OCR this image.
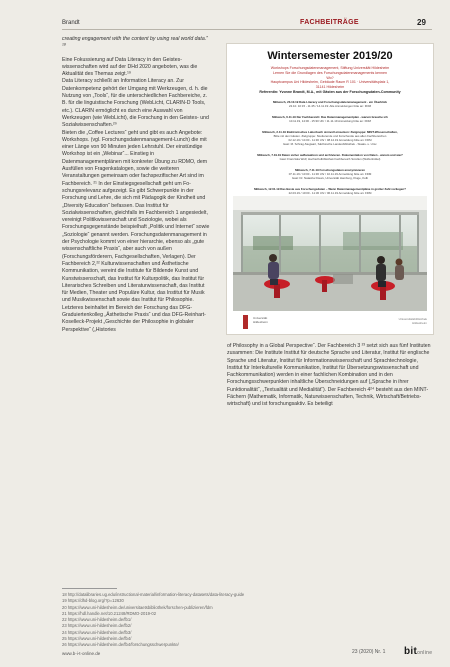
Brandt	FACHBEITRÄGE	29

creating engagement with the content by using real world data.” ¹⁸

Eine Fokussierung auf Data Literacy in den Geisteswissenschaften wird auf der DHd 2020 angeboten, was die Aktualität des Themas zeigt.¹⁹

Data Literacy schließt an Information Literacy an. Zur Datenkompetenz gehört der Umgang mit Werkzeugen, d. h. die Nutzung von „Tools“, für die unterschiedlichen Fachbereiche, z. B. für die linguistische Forschung (WebLicht, CLARIN-D Tools, etc.). CLARIN ermöglicht es durch eine Auswahl von Werkzeugen (wie WebLicht), die Forschung in den Geistes- und Sozialwissenschaften.²⁰

Bieten die „Coffee Lectures“ geht und gibt es auch Angebote: Workshops. (vgl. Forschungsdatenmanagement-Lunch) die mit einer Länge von 90 Minuten jeden Lehrstuhl. Der einstündige Workshop ist ein „Webinar“... Einstieg in Datenmanagementplänen mit konkreter Übung zu RDMO, dem Ausfüllen von Fragenkatalogen, sowie die weiteren Veranstaltungen gemeinsam oder fachspezifischer Art sind im Fachbereich. ²¹ In der Einstiegsgesellschaft geht um Foschungsrelevanz aufgezeigt. Es gibt Schwerpunkte in der Forschung und Lehre, die sich mit Pädagogik der Kindheit und „Diversity Education“ befassen. Das Institut für Sozialwissenschaften, gleichfalls im Fachbereich 1 angesiedelt, vereinigt Politikwissenschaft und Soziologie, wobei als Forschungsgegenstände beispielhaft „Politik und Internet“ sowie „Soziologie“ genannt werden. Forschungsdatenmanagement in der Psychologie kommt von einer hierarchie, ebenso als „gute wissenschaftliche Praxis“, aber auch von außen (Forschungsförderern, Fachgesellschaften, Verlagen). Der Fachbereich 2,²² Kulturwissenschaften und Ästhetische Kommunikation, vereint die Institute für Bildende Kunst und Kunstwissenschaft, das Institut für Kulturpolitik, das Institut für Literarisches Schreiben und Literaturwissenschaft, das Institut für Medien, Theater und Populäre Kultur, das Institut für Musik und Musikwissenschaft sowie das Institut für Philosophie. Letzteres beinhaltet im Bereich der Forschung das DFG-Graduiertenkolleg „Ästhetische Praxis“ und das DFG-Reinhart-Koselleck-Projekt „Geschichte der Philosophie in globaler Perspektive“ („Histories

Wintersemester 2019/20
Workshops Forschungsdatenmanagement, Stiftung Universität Hildesheim
Lernen Sie die Grundlagen des Forschungsdatenmanagements kennen
Wo?
Hauptcampus Uni Hildesheim, Gebäude Raum R 101 · Universitätsplatz 1,
31141 Hildesheim
Referentin: Yvonne Brandt, M.A., mit Gästen aus der Forschungsdaten-Community
Mittwoch, 23.10.19 Data Literacy und Forschungsdatenmanagement - ein Überblick
22.10. 10:15 - 11:45 / 14.11.19: Alle Anmeldungen bitte an: FDM
Mittwoch, 6.11.19 Der Fachbereich: Das Datenmanagementplan - warum brauche ich
10.11.19, 14:00 - 15:30 Uhr / 11.11.19 Anmeldung bitte an: FDM
Mittwoch, 2.11.19 Elektronisches Laborbuch sinnvoll einsetzen: Zielgruppe: MINT-Wissenschaften,
Bitte mit den Gästen. Zielgruppe: Studierende und Forschende aus allen Fachbereichen
02.12.19 / 10.00 - 11:30 Uhr / 08.12.19 Anmeldung bitte an: FDM
Gast: M. Schrag-Siegwart, Sächsische Landesbibliothek - Staats- u. Univ.
Mittwoch, 7.19.19 Daten sicher aufbewahren und archivieren. Dokumentation von Daten - warum und wie?
Gast: Franziska Wolf, Hochschulbibliothek Fachbereich Scrollen (Wolfenbüttel)
Mittwoch, 7.11.19 Forschungsdaten anonymisieren
07.11.19 / 10:00 - 11:30 Uhr / 10.11.19 Anmeldung bitte an: FDM
Gast: Dr. Natasha Drews, Universität Hamburg, Kluge, Kolb
Mittwoch, 12.01.19 Das Beste aus Forschungsdaten – Wenn Datenmanagementpläne in großer Zahl vorliegen?
22.03.19 / 10:00 - 11:30 Uhr / 06.11.19 Anmeldung bitte an: FDM
Universität
Hildesheim
Universitätsbibliothek
Hildesheim

of Philosophy in a Global Perspective“. Der Fachbereich 3 ²³ setzt sich aus fünf Instituten zusammen: Die Institute Institut für deutsche Sprache und Literatur, Institut für englische Sprache und Literatur, Institut für Informationswissenschaft und Sprachtechnologie, Institut für Interkulturelle Kommunikation, Institut für Übersetzungswissenschaft und Fachkommunikation) werden in einer fachlichen Kombination und in den Forschungsschwerpunkten inhaltliche Überschneidungen auf („Sprache in ihrer Funktionalität“, „Textualität und Medialität“). Der Fachbereich 4²⁴ besteht aus den MINT-Fächern (Mathematik, Informatik, Naturwissenschaften, Technik, Wirtschaft/Betriebswirtschaft) und ist forschungsaktiv. Es beteiligt

18 http://datalibraries.ug.edu/instructional-material/information-literacy-datasets/data-literacy-guide
19 https://dhd-blog.org/?p=12630
20 https://www.uni-hildesheim.de/universitaetsbibliothek/forschen-publizieren/fdm
21 https://hdl.handle.net/10.21248/RDMO-2019-02
22 https://www.uni-hildesheim.de/fb1/
23 https://www.uni-hildesheim.de/fb2/
24 https://www.uni-hildesheim.de/fb3/
25 https://www.uni-hildesheim.de/fb4/
26 https://www.uni-hildesheim.de/fb4/forschungsschwerpunkte/
www.b-i-t-online.de	23 (2020) Nr. 1 bitonline
